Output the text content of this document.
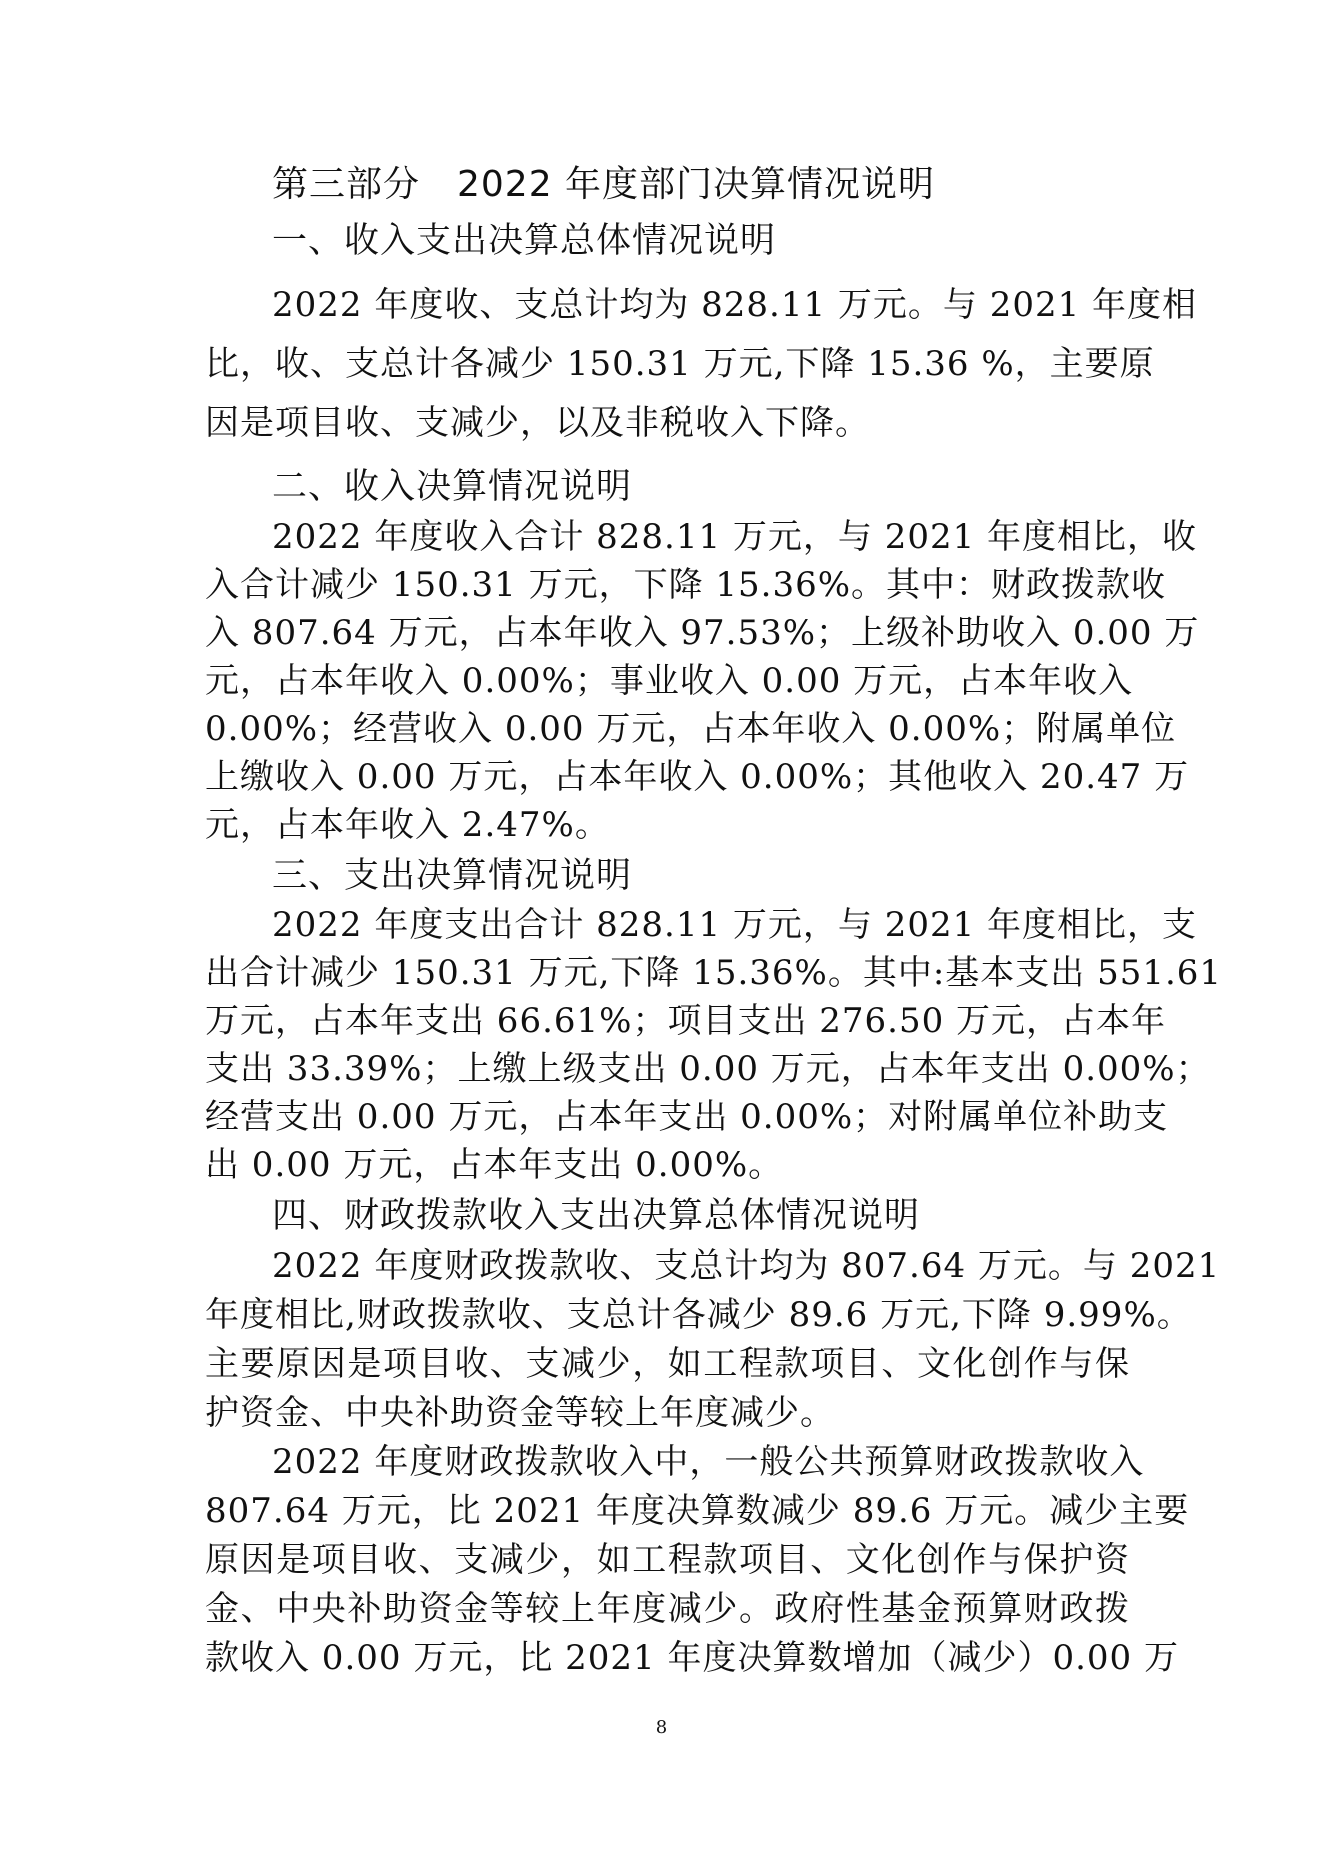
第三部分　2022 年度部门决算情况说明
一、收入支出决算总体情况说明
2022 年度收、支总计均为 828.11 万元。与 2021 年度相
比，收、支总计各减少 150.31 万元,下降 15.36 %，主要原
因是项目收、支减少，以及非税收入下降。
二、收入决算情况说明
2022 年度收入合计 828.11 万元，与 2021 年度相比，收
入合计减少 150.31 万元，下降 15.36%。其中：财政拨款收
入 807.64 万元，占本年收入 97.53%；上级补助收入 0.00 万
元，占本年收入 0.00%；事业收入 0.00 万元，占本年收入
0.00%；经营收入 0.00 万元，占本年收入 0.00%；附属单位
上缴收入 0.00 万元，占本年收入 0.00%；其他收入 20.47 万
元，占本年收入 2.47%。
三、支出决算情况说明
2022 年度支出合计 828.11 万元，与 2021 年度相比，支
出合计减少 150.31 万元,下降 15.36%。其中:基本支出 551.61
万元，占本年支出 66.61%；项目支出 276.50 万元，占本年
支出 33.39%；上缴上级支出 0.00 万元，占本年支出 0.00%；
经营支出 0.00 万元，占本年支出 0.00%；对附属单位补助支
出 0.00 万元，占本年支出 0.00%。
四、财政拨款收入支出决算总体情况说明
2022 年度财政拨款收、支总计均为 807.64 万元。与 2021
年度相比,财政拨款收、支总计各减少 89.6 万元,下降 9.99%。
主要原因是项目收、支减少，如工程款项目、文化创作与保
护资金、中央补助资金等较上年度减少。
2022 年度财政拨款收入中，一般公共预算财政拨款收入
807.64 万元，比 2021 年度决算数减少 89.6 万元。减少主要
原因是项目收、支减少，如工程款项目、文化创作与保护资
金、中央补助资金等较上年度减少。政府性基金预算财政拨
款收入 0.00 万元，比 2021 年度决算数增加（减少）0.00 万
8
